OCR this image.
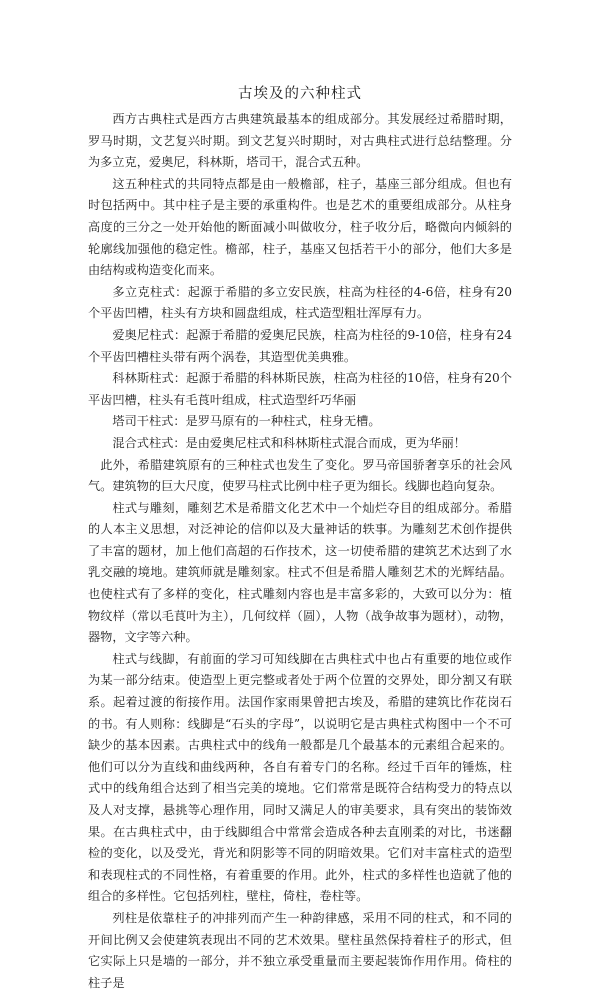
古埃及的六种柱式

西方古典柱式是西方古典建筑最基本的组成部分。其发展经过希腊时期，罗马时期，文艺复兴时期。到文艺复兴时期时，对古典柱式进行总结整理。分为多立克，爱奥尼，科林斯，塔司干，混合式五种。

这五种柱式的共同特点都是由一般檐部，柱子，基座三部分组成。但也有时包括两中。其中柱子是主要的承重构件。也是艺术的重要组成部分。从柱身高度的三分之一处开始他的断面减小叫做收分，柱子收分后，略微向内倾斜的轮廓线加强他的稳定性。檐部，柱子，基座又包括若干小的部分，他们大多是由结构或构造变化而来。

多立克柱式：起源于希腊的多立安民族，柱高为柱径的4-6倍，柱身有20个平齿凹槽，柱头有方块和圆盘组成，柱式造型粗壮浑厚有力。

爱奥尼柱式：起源于希腊的爱奥尼民族，柱高为柱径的9-10倍，柱身有24个平齿凹槽柱头带有两个涡卷，其造型优美典雅。

科林斯柱式：起源于希腊的科林斯民族，柱高为柱径的10倍，柱身有20个平齿凹槽，柱头有毛莨叶组成，柱式造型纤巧华丽

塔司干柱式：是罗马原有的一种柱式，柱身无槽。

混合式柱式：是由爱奥尼柱式和科林斯柱式混合而成，更为华丽！

此外，希腊建筑原有的三种柱式也发生了变化。罗马帝国骄奢享乐的社会风气。建筑物的巨大尺度，使罗马柱式比例中柱子更为细长。线脚也趋向复杂。

柱式与雕刻，雕刻艺术是希腊文化艺术中一个灿烂夺目的组成部分。希腊的人本主义思想，对泛神论的信仰以及大量神话的轶事。为雕刻艺术创作提供了丰富的题材，加上他们高超的石作技术，这一切使希腊的建筑艺术达到了水乳交融的境地。建筑师就是雕刻家。柱式不但是希腊人雕刻艺术的光辉结晶。也使柱式有了多样的变化，柱式雕刻内容也是丰富多彩的，大致可以分为：植物纹样（常以毛茛叶为主），几何纹样（圆），人物（战争故事为题材），动物，器物，文字等六种。

柱式与线脚，有前面的学习可知线脚在古典柱式中也占有重要的地位或作为某一部分结束。使造型上更完整或者处于两个位置的交界处，即分割又有联系。起着过渡的衔接作用。法国作家雨果曾把古埃及，希腊的建筑比作花岗石的书。有人则称：线脚是“石头的字母”，以说明它是古典柱式构图中一个不可缺少的基本因素。古典柱式中的线角一般都是几个最基本的元素组合起来的。他们可以分为直线和曲线两种，各自有着专门的名称。经过千百年的锤炼，柱式中的线角组合达到了相当完美的境地。它们常常是既符合结构受力的特点以及人对支撑，悬挑等心理作用，同时又满足人的审美要求，具有突出的装饰效果。在古典柱式中，由于线脚组合中常常会造成各种去直刚柔的对比，书迷翻检的变化，以及受光，背光和阴影等不同的阴暗效果。它们对丰富柱式的造型和表现柱式的不同性格，有着重要的作用。此外，柱式的多样性也造就了他的组合的多样性。它包括列柱，壁柱，倚柱，卷柱等。

列柱是依靠柱子的冲排列而产生一种韵律感，采用不同的柱式，和不同的开间比例又会使建筑表现出不同的艺术效果。壁柱虽然保持着柱子的形式，但它实际上只是墙的一部分，并不独立承受重量而主要起装饰作用作用。倚柱的柱子是
